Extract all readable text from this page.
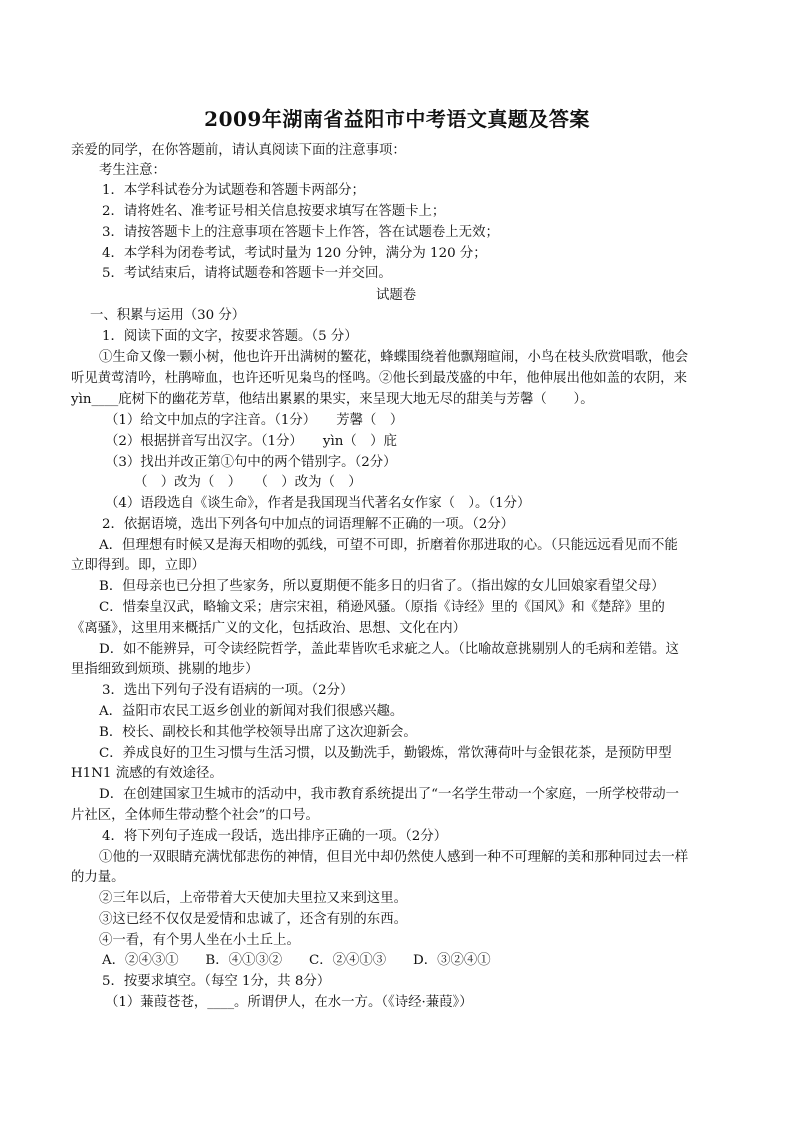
2009年湖南省益阳市中考语文真题及答案
亲爱的同学，在你答题前，请认真阅读下面的注意事项：
考生注意：
1．本学科试卷分为试题卷和答题卡两部分；
2．请将姓名、准考证号相关信息按要求填写在答题卡上；
3．请按答题卡上的注意事项在答题卡上作答，答在试题卷上无效；
4．本学科为闭卷考试，考试时量为 120 分钟，满分为 120 分；
5．考试结束后，请将试题卷和答题卡一并交回。
试题卷
一、积累与运用（30 分）
1．阅读下面的文字，按要求答题。（5 分）
①生命又像一颗小树，他也许开出满树的鳘花，蜂蝶围绕着他飘翔暄闹，小鸟在枝头欣赏唱歌，他会
听见黄莺清吟，杜鹃啼血，也许还听见枭鸟的怪鸣。②他长到最茂盛的中年，他伸展出他如盖的农阴，来
yìn____庇树下的幽花芳草，他结出累累的果实，来呈现大地无尽的甜美与芳馨（　　）。
（1）给文中加点的字注音。（1分）　　芳馨（　）
（2）根据拼音写出汉字。（1分）　　yìn（　）庇
（3）找出并改正第①句中的两个错别字。（2分）
（　）改为（　）　　（　）改为（　）
（4）语段选自《谈生命》，作者是我国现当代著名女作家（　）。（1分）
2．依据语境，选出下列各句中加点的词语理解不正确的一项。（2分）
A．但理想有时候又是海天相吻的弧线，可望不可即，折磨着你那进取的心。（只能远远看见而不能
立即得到。即，立即）
B．但母亲也已分担了些家务，所以夏期便不能多日的归省了。（指出嫁的女儿回娘家看望父母）
C．惜秦皇汉武，略输文采；唐宗宋祖，稍逊风骚。（原指《诗经》里的《国风》和《楚辞》里的
《离骚》，这里用来概括广义的文化，包括政治、思想、文化在内）
D．如不能辨异，可令读经院哲学，盖此辈皆吹毛求疵之人。（比喻故意挑剔别人的毛病和差错。这
里指细致到烦琐、挑剔的地步）
3．选出下列句子没有语病的一项。（2分）
A．益阳市农民工返乡创业的新闻对我们很感兴趣。
B．校长、副校长和其他学校领导出席了这次迎新会。
C．养成良好的卫生习惯与生活习惯，以及勤洗手，勤锻炼，常饮薄荷叶与金银花茶，是预防甲型
H1N1 流感的有效途径。
D．在创建国家卫生城市的活动中，我市教育系统提出了“一名学生带动一个家庭，一所学校带动一
片社区，全体师生带动整个社会”的口号。
4．将下列句子连成一段话，选出排序正确的一项。（2分）
①他的一双眼睛充满忧郁悲伤的神情，但目光中却仍然使人感到一种不可理解的美和那种同过去一样
的力量。
②三年以后，上帝带着大天使加夫里拉又来到这里。
③这已经不仅仅是爱情和忠诚了，还含有别的东西。
④一看，有个男人坐在小土丘上。
A．②④③①　　B．④①③②　　C．②④①③　　D．③②④①
5．按要求填空。（每空 1分，共 8分）
（1）蒹葭苍苍，____。所谓伊人，在水一方。（《诗经·蒹葭》）
